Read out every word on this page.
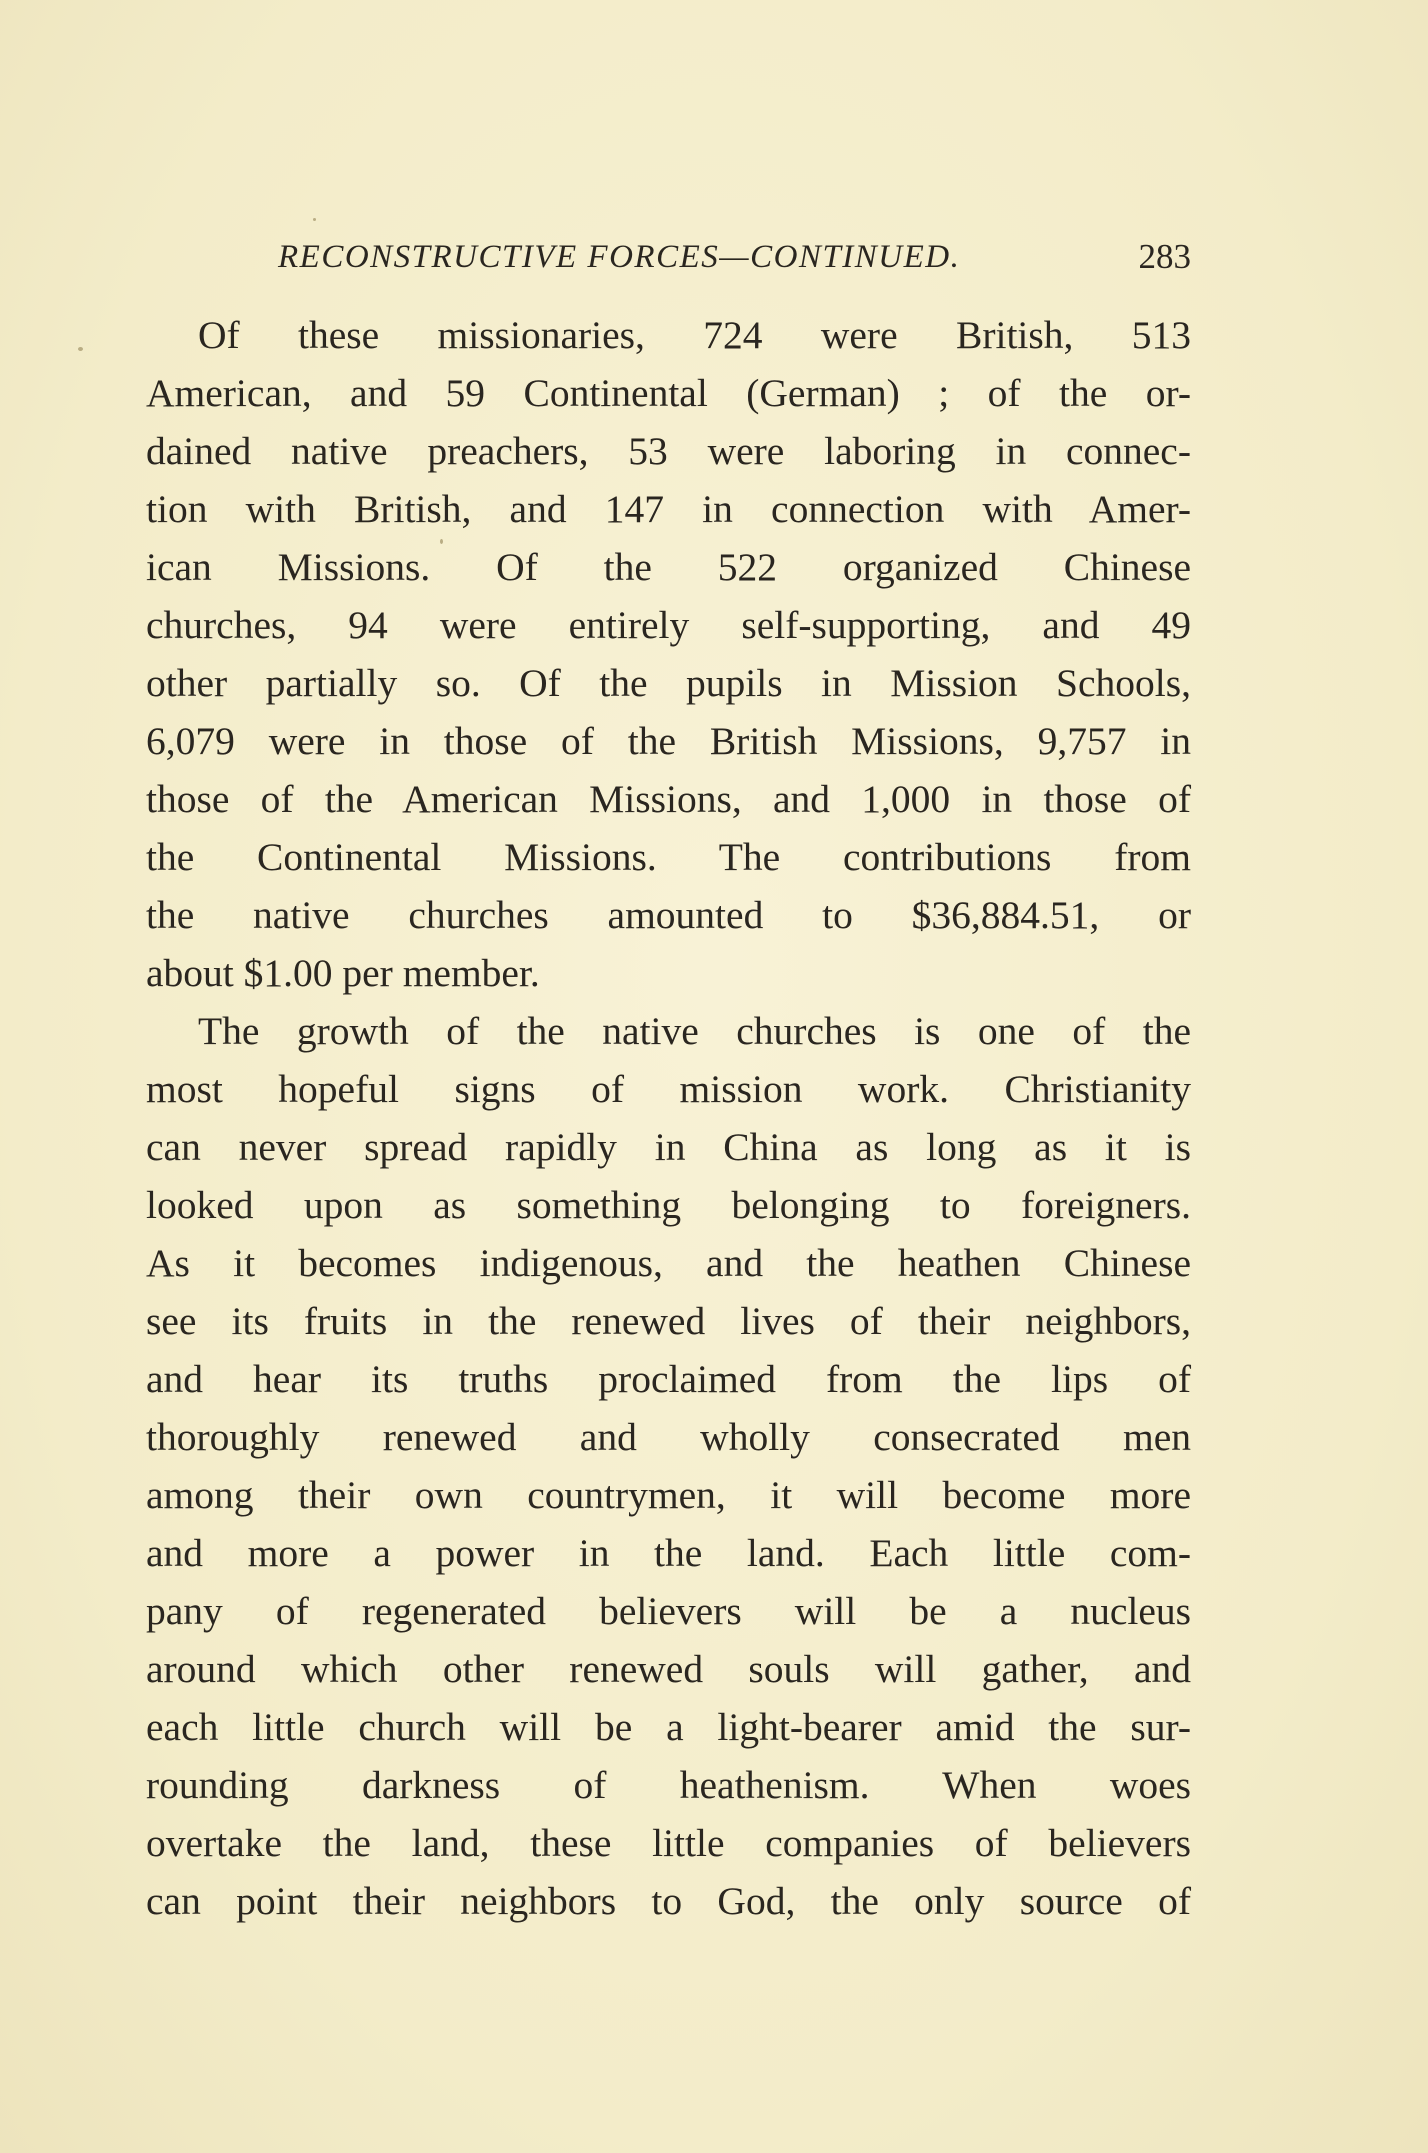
RECONSTRUCTIVE FORCES—CONTINUED.	283
Of these missionaries, 724 were British, 513
American, and 59 Continental (German) ; of the or-
dained native preachers, 53 were laboring in connec-
tion with British, and 147 in connection with Amer-
ican Missions. Of the 522 organized Chinese
churches, 94 were entirely self-supporting, and 49
other partially so. Of the pupils in Mission Schools,
6,079 were in those of the British Missions, 9,757 in
those of the American Missions, and 1,000 in those of
the Continental Missions. The contributions from
the native churches amounted to $36,884.51, or
about $1.00 per member.
The growth of the native churches is one of the
most hopeful signs of mission work. Christianity
can never spread rapidly in China as long as it is
looked upon as something belonging to foreigners.
As it becomes indigenous, and the heathen Chinese
see its fruits in the renewed lives of their neighbors,
and hear its truths proclaimed from the lips of
thoroughly renewed and wholly consecrated men
among their own countrymen, it will become more
and more a power in the land. Each little com-
pany of regenerated believers will be a nucleus
around which other renewed souls will gather, and
each little church will be a light-bearer amid the sur-
rounding darkness of heathenism. When woes
overtake the land, these little companies of believers
can point their neighbors to God, the only source of
